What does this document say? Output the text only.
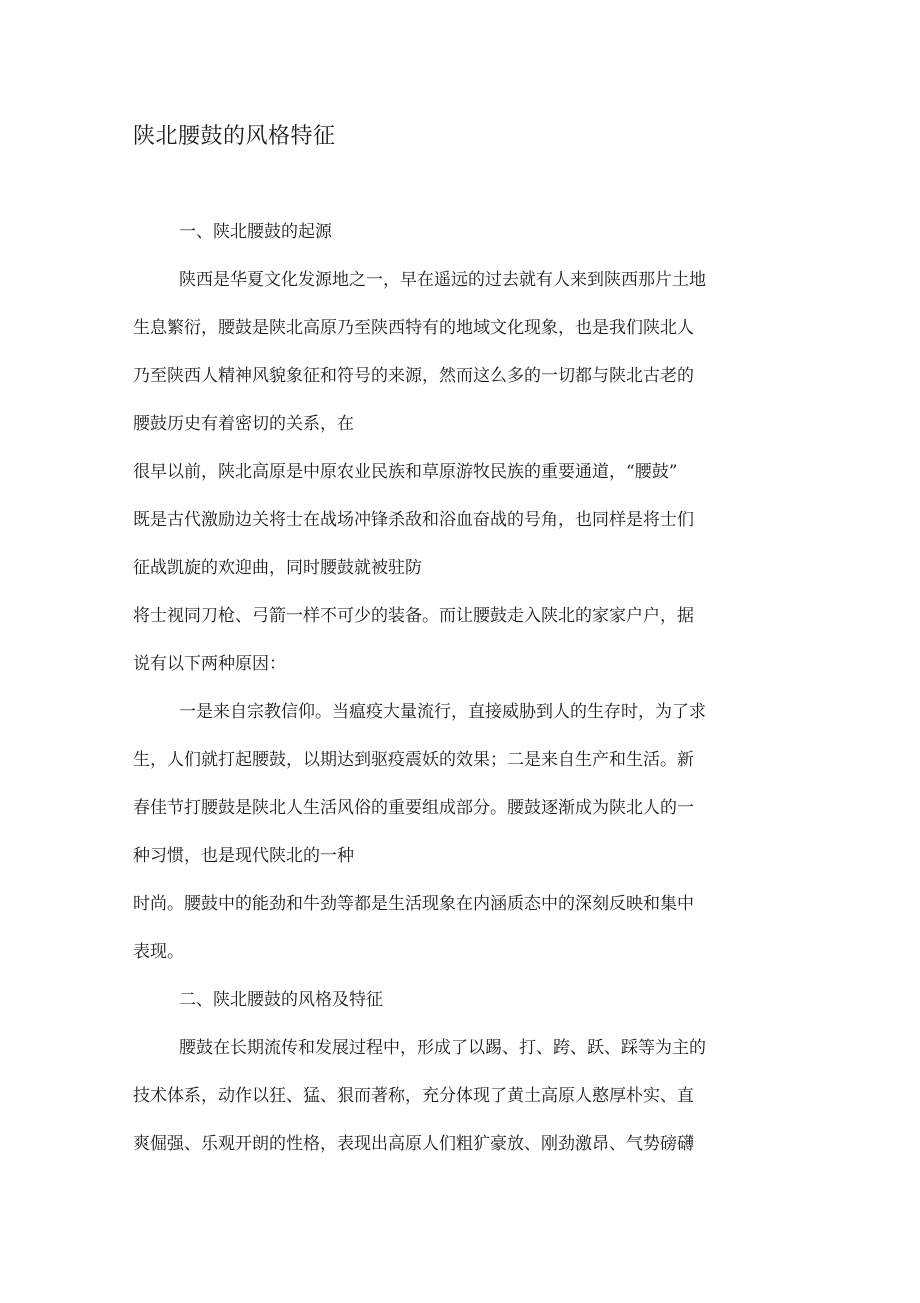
陕北腰鼓的风格特征
一、陕北腰鼓的起源
陕西是华夏文化发源地之一，早在遥远的过去就有人来到陕西那片土地
生息繁衍，腰鼓是陕北高原乃至陕西特有的地域文化现象，也是我们陕北人
乃至陕西人精神风貌象征和符号的来源，然而这么多的一切都与陕北古老的
腰鼓历史有着密切的关系，在
很早以前，陕北高原是中原农业民族和草原游牧民族的重要通道，“腰鼓”
既是古代激励边关将士在战场冲锋杀敌和浴血奋战的号角，也同样是将士们
征战凯旋的欢迎曲，同时腰鼓就被驻防
将士视同刀枪、弓箭一样不可少的装备。而让腰鼓走入陕北的家家户户，据
说有以下两种原因：
一是来自宗教信仰。当瘟疫大量流行，直接威胁到人的生存时，为了求
生，人们就打起腰鼓，以期达到驱疫震妖的效果；二是来自生产和生活。新
春佳节打腰鼓是陕北人生活风俗的重要组成部分。腰鼓逐渐成为陕北人的一
种习惯，也是现代陕北的一种
时尚。腰鼓中的能劲和牛劲等都是生活现象在内涵质态中的深刻反映和集中
表现。
二、陕北腰鼓的风格及特征
腰鼓在长期流传和发展过程中，形成了以踢、打、跨、跃、踩等为主的
技术体系，动作以狂、猛、狠而著称，充分体现了黄土高原人憨厚朴实、直
爽倔强、乐观开朗的性格，表现出高原人们粗犷豪放、刚劲激昂、气势磅礴
